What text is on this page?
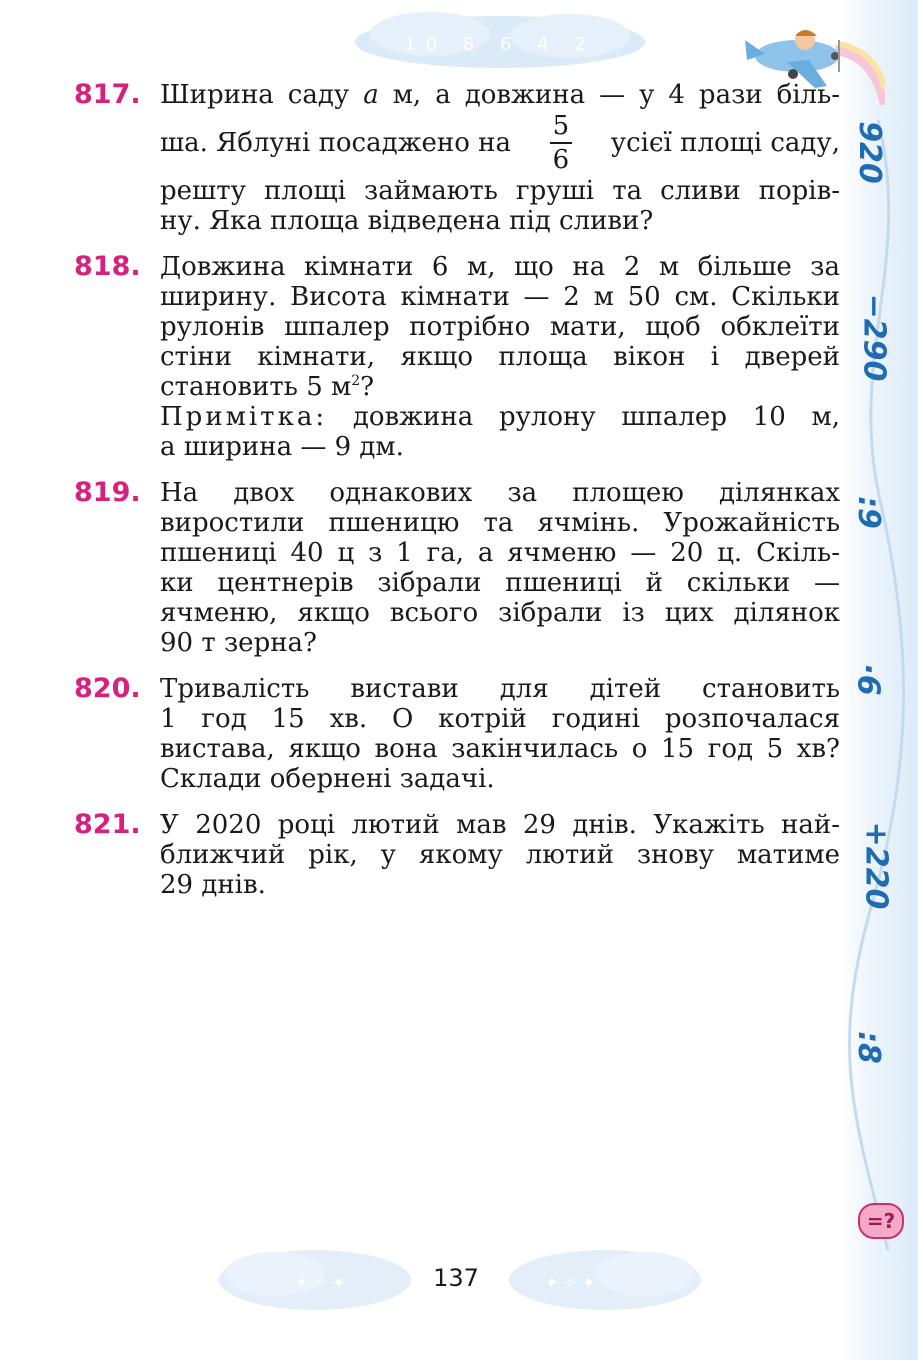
920
−290
:9
·6
+220
:8
10 8 6 4 2
817. Ширина саду a м, а довжина — у 4 рази біль-
ша. Яблуні посаджено на $\frac{5}{6}$ усієї площі саду,
решту площі займають груші та сливи порів-
ну. Яка площа відведена під сливи?
818. Довжина кімнати 6 м, що на 2 м більше за
ширину. Висота кімнати — 2 м 50 см. Скільки
рулонів шпалер потрібно мати, щоб обклеїти
стіни кімнати, якщо площа вікон і дверей
становить 5 $м^2$?
Примітка: довжина рулону шпалер 10 м,
а ширина — 9 дм.
819. На двох однакових за площею ділянках
виростили пшеницю та ячмінь. Урожайність
пшениці 40 ц з 1 га, а ячменю — 20 ц. Скіль-
ки центнерів зібрали пшениці й скільки —
ячменю, якщо всього зібрали із цих ділянок
90 т зерна?
820. Тривалість вистави для дітей становить
1 год 15 хв. О котрій годині розпочалася
вистава, якщо вона закінчилась о 15 год 5 хв?
Склади обернені задачі.
821. У 2020 році лютий мав 29 днів. Укажіть най-
ближчий рік, у якому лютий знову матиме
29 днів.
=?
✦ ✧ ✦	✦ ✧ ✦
137
